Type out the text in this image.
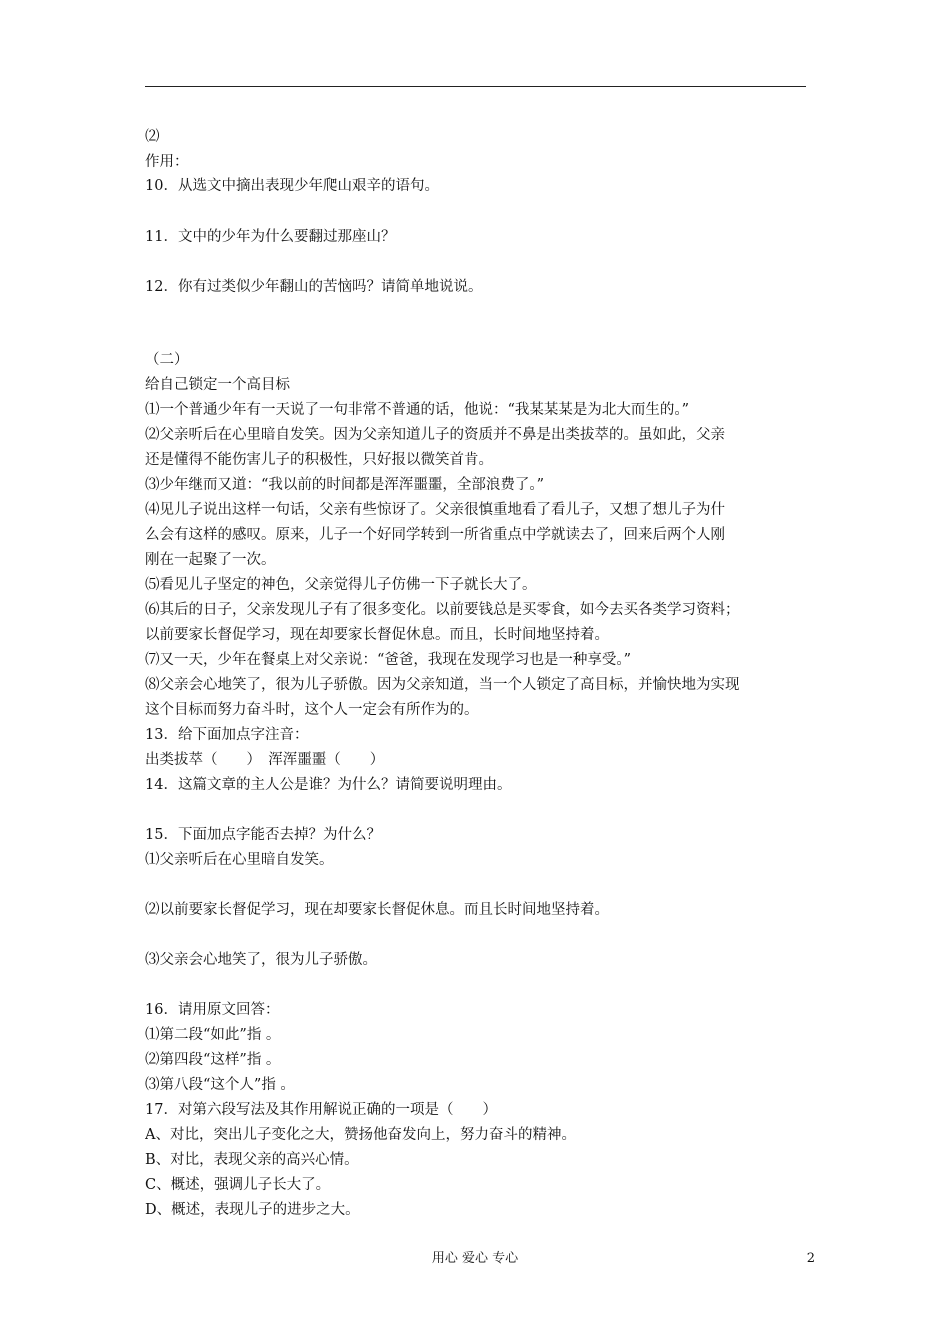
⑵
作用：
10．从选文中摘出表现少年爬山艰辛的语句。
11．文中的少年为什么要翻过那座山？
12．你有过类似少年翻山的苦恼吗？请简单地说说。
（二）
给自己锁定一个高目标
⑴一个普通少年有一天说了一句非常不普通的话，他说：“我某某某是为北大而生的。”
⑵父亲听后在心里暗自发笑。因为父亲知道儿子的资质并不鼻是出类拔萃的。虽如此，父亲
还是懂得不能伤害儿子的积极性，只好报以微笑首肯。
⑶少年继而又道：“我以前的时间都是浑浑噩噩，全部浪费了。”
⑷见儿子说出这样一句话，父亲有些惊讶了。父亲很慎重地看了看儿子，又想了想儿子为什
么会有这样的感叹。原来，儿子一个好同学转到一所省重点中学就读去了，回来后两个人刚
刚在一起聚了一次。
⑸看见儿子坚定的神色，父亲觉得儿子仿佛一下子就长大了。
⑹其后的日子，父亲发现儿子有了很多变化。以前要钱总是买零食，如今去买各类学习资料；
以前要家长督促学习，现在却要家长督促休息。而且，长时间地坚持着。
⑺又一天，少年在餐桌上对父亲说：“爸爸，我现在发现学习也是一种享受。”
⑻父亲会心地笑了，很为儿子骄傲。因为父亲知道，当一个人锁定了高目标，并愉快地为实现
这个目标而努力奋斗时，这个人一定会有所作为的。
13．给下面加点字注音：
出类拔萃（　　）　浑浑噩噩（　　）
14．这篇文章的主人公是谁？为什么？请简要说明理由。
15．下面加点字能否去掉？为什么？
⑴父亲听后在心里暗自发笑。
⑵以前要家长督促学习，现在却要家长督促休息。而且长时间地坚持着。
⑶父亲会心地笑了，很为儿子骄傲。
16．请用原文回答：
⑴第二段“如此”指 。
⑵第四段“这样”指 。
⑶第八段“这个人”指 。
17．对第六段写法及其作用解说正确的一项是（　　）
A、对比，突出儿子变化之大，赞扬他奋发向上，努力奋斗的精神。
B、对比，表现父亲的高兴心情。
C、概述，强调儿子长大了。
D、概述，表现儿子的进步之大。
用心 爱心 专心	2
